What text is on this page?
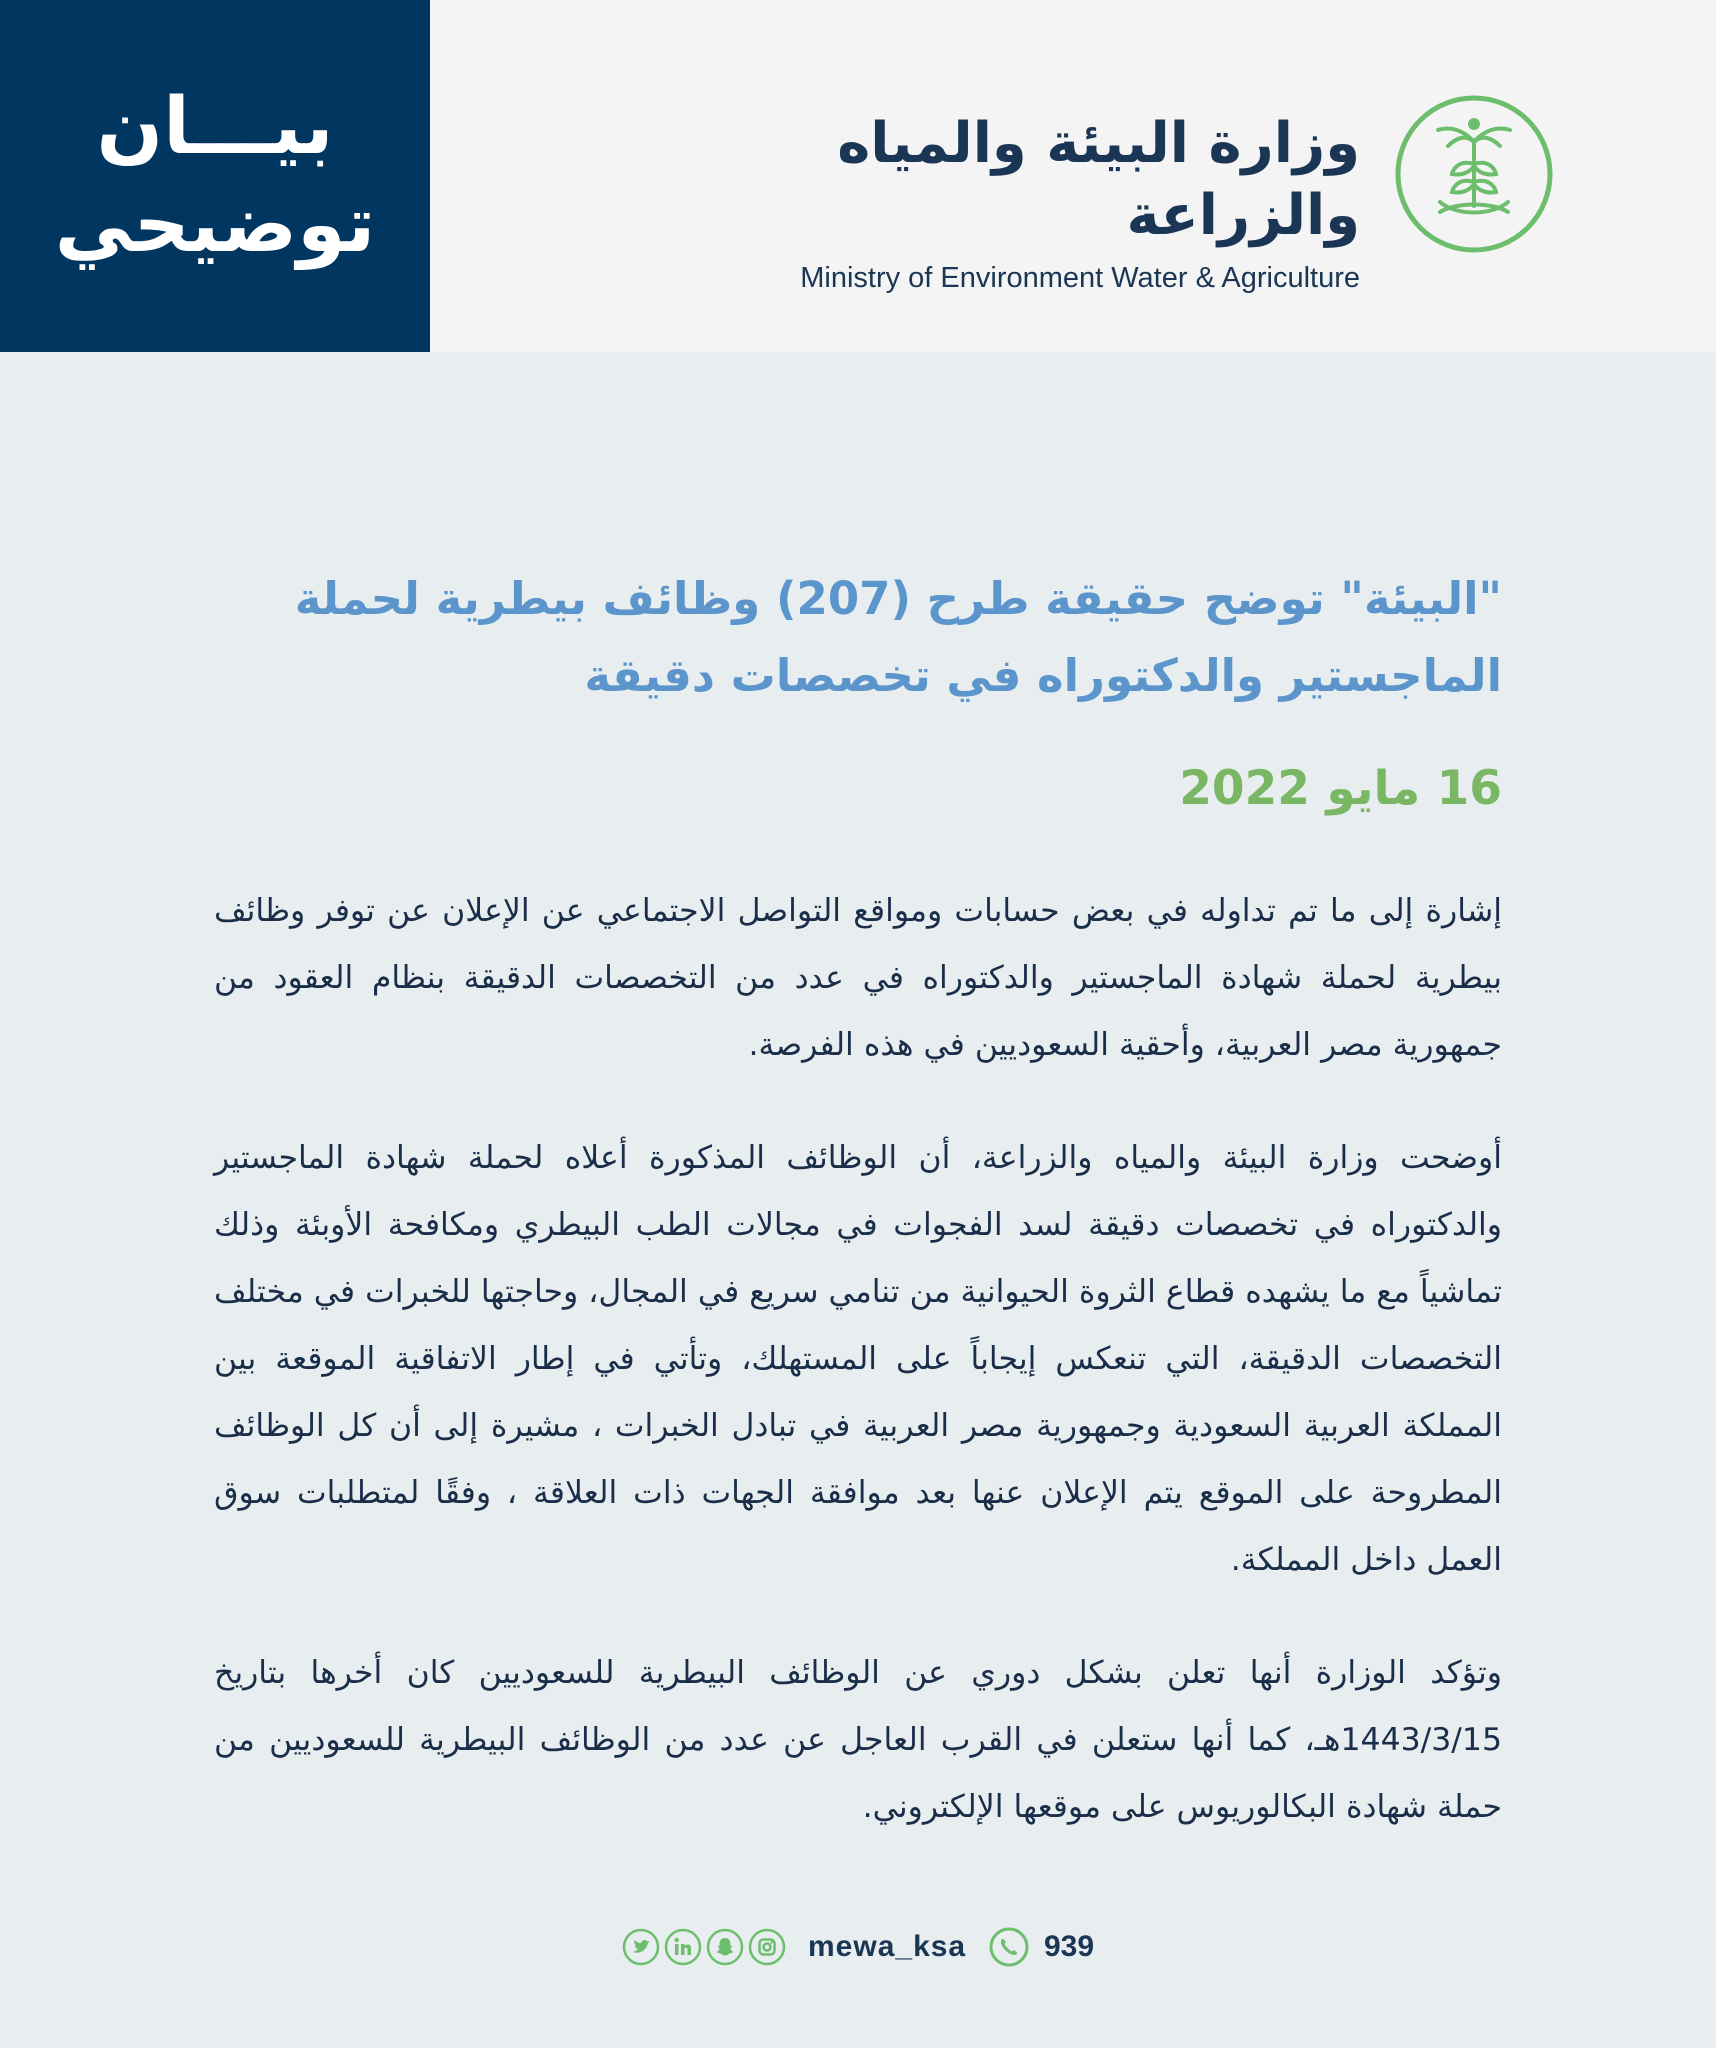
بيـــان
توضيحي
وزارة البيئة والمياه والزراعة
Ministry of Environment Water & Agriculture
"البيئة" توضح حقيقة طرح (207) وظائف بيطرية لحملة
الماجستير والدكتوراه في تخصصات دقيقة
16 مايو 2022

إشارة إلى ما تم تداوله في بعض حسابات ومواقع التواصل الاجتماعي عن الإعلان عن توفر وظائف بيطرية لحملة شهادة الماجستير والدكتوراه في عدد من التخصصات الدقيقة بنظام العقود من جمهورية مصر العربية، وأحقية السعوديين في هذه الفرصة.

أوضحت وزارة البيئة والمياه والزراعة، أن الوظائف المذكورة أعلاه لحملة شهادة الماجستير والدكتوراه في تخصصات دقيقة لسد الفجوات في مجالات الطب البيطري ومكافحة الأوبئة وذلك تماشياً مع ما يشهده قطاع الثروة الحيوانية من تنامي سريع في المجال، وحاجتها للخبرات في مختلف التخصصات الدقيقة، التي تنعكس إيجاباً على المستهلك، وتأتي في إطار الاتفاقية الموقعة بين المملكة العربية السعودية وجمهورية مصر العربية في تبادل الخبرات ، مشيرة إلى أن كل الوظائف المطروحة على الموقع يتم الإعلان عنها بعد موافقة الجهات ذات العلاقة ، وفقًا لمتطلبات سوق العمل داخل المملكة.

وتؤكد الوزارة أنها تعلن بشكل دوري عن الوظائف البيطرية للسعوديين كان أخرها بتاريخ 1443/3/15هـ، كما أنها ستعلن في القرب العاجل عن عدد من الوظائف البيطرية للسعوديين من حملة شهادة البكالوريوس على موقعها الإلكتروني.

mewa_ksa	939
